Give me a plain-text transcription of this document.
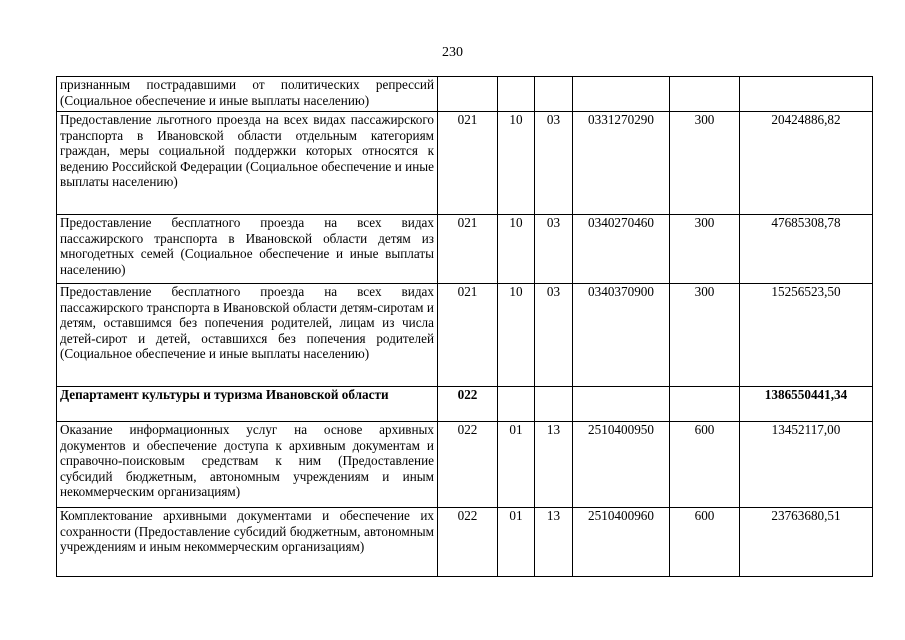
230
признанным пострадавшими от политических репрессий (Социальное обеспечение и иные выплаты населению)						
Предоставление льготного проезда на всех видах пассажирского транспорта в Ивановской области отдельным категориям граждан, меры социальной поддержки которых относятся к ведению Российской Федерации (Социальное обеспечение и иные выплаты населению)	021	10	03	0331270290	300	20424886,82
Предоставление бесплатного проезда на всех видах пассажирского транспорта в Ивановской области детям из многодетных семей (Социальное обеспечение и иные выплаты населению)	021	10	03	0340270460	300	47685308,78
Предоставление бесплатного проезда на всех видах пассажирского транспорта в Ивановской области детям-сиротам и детям, оставшимся без попечения родителей, лицам из числа детей-сирот и детей, оставшихся без попечения родителей (Социальное обеспечение и иные выплаты населению)	021	10	03	0340370900	300	15256523,50
Департамент культуры и туризма Ивановской области	022					1386550441,34
Оказание информационных услуг на основе архивных документов и обеспечение доступа к архивным документам и справочно-поисковым средствам к ним (Предоставление субсидий бюджетным, автономным учреждениям и иным некоммерческим организациям)	022	01	13	2510400950	600	13452117,00
Комплектование архивными документами и обеспечение их сохранности (Предоставление субсидий бюджетным, автономным учреждениям и иным некоммерческим организациям)	022	01	13	2510400960	600	23763680,51
